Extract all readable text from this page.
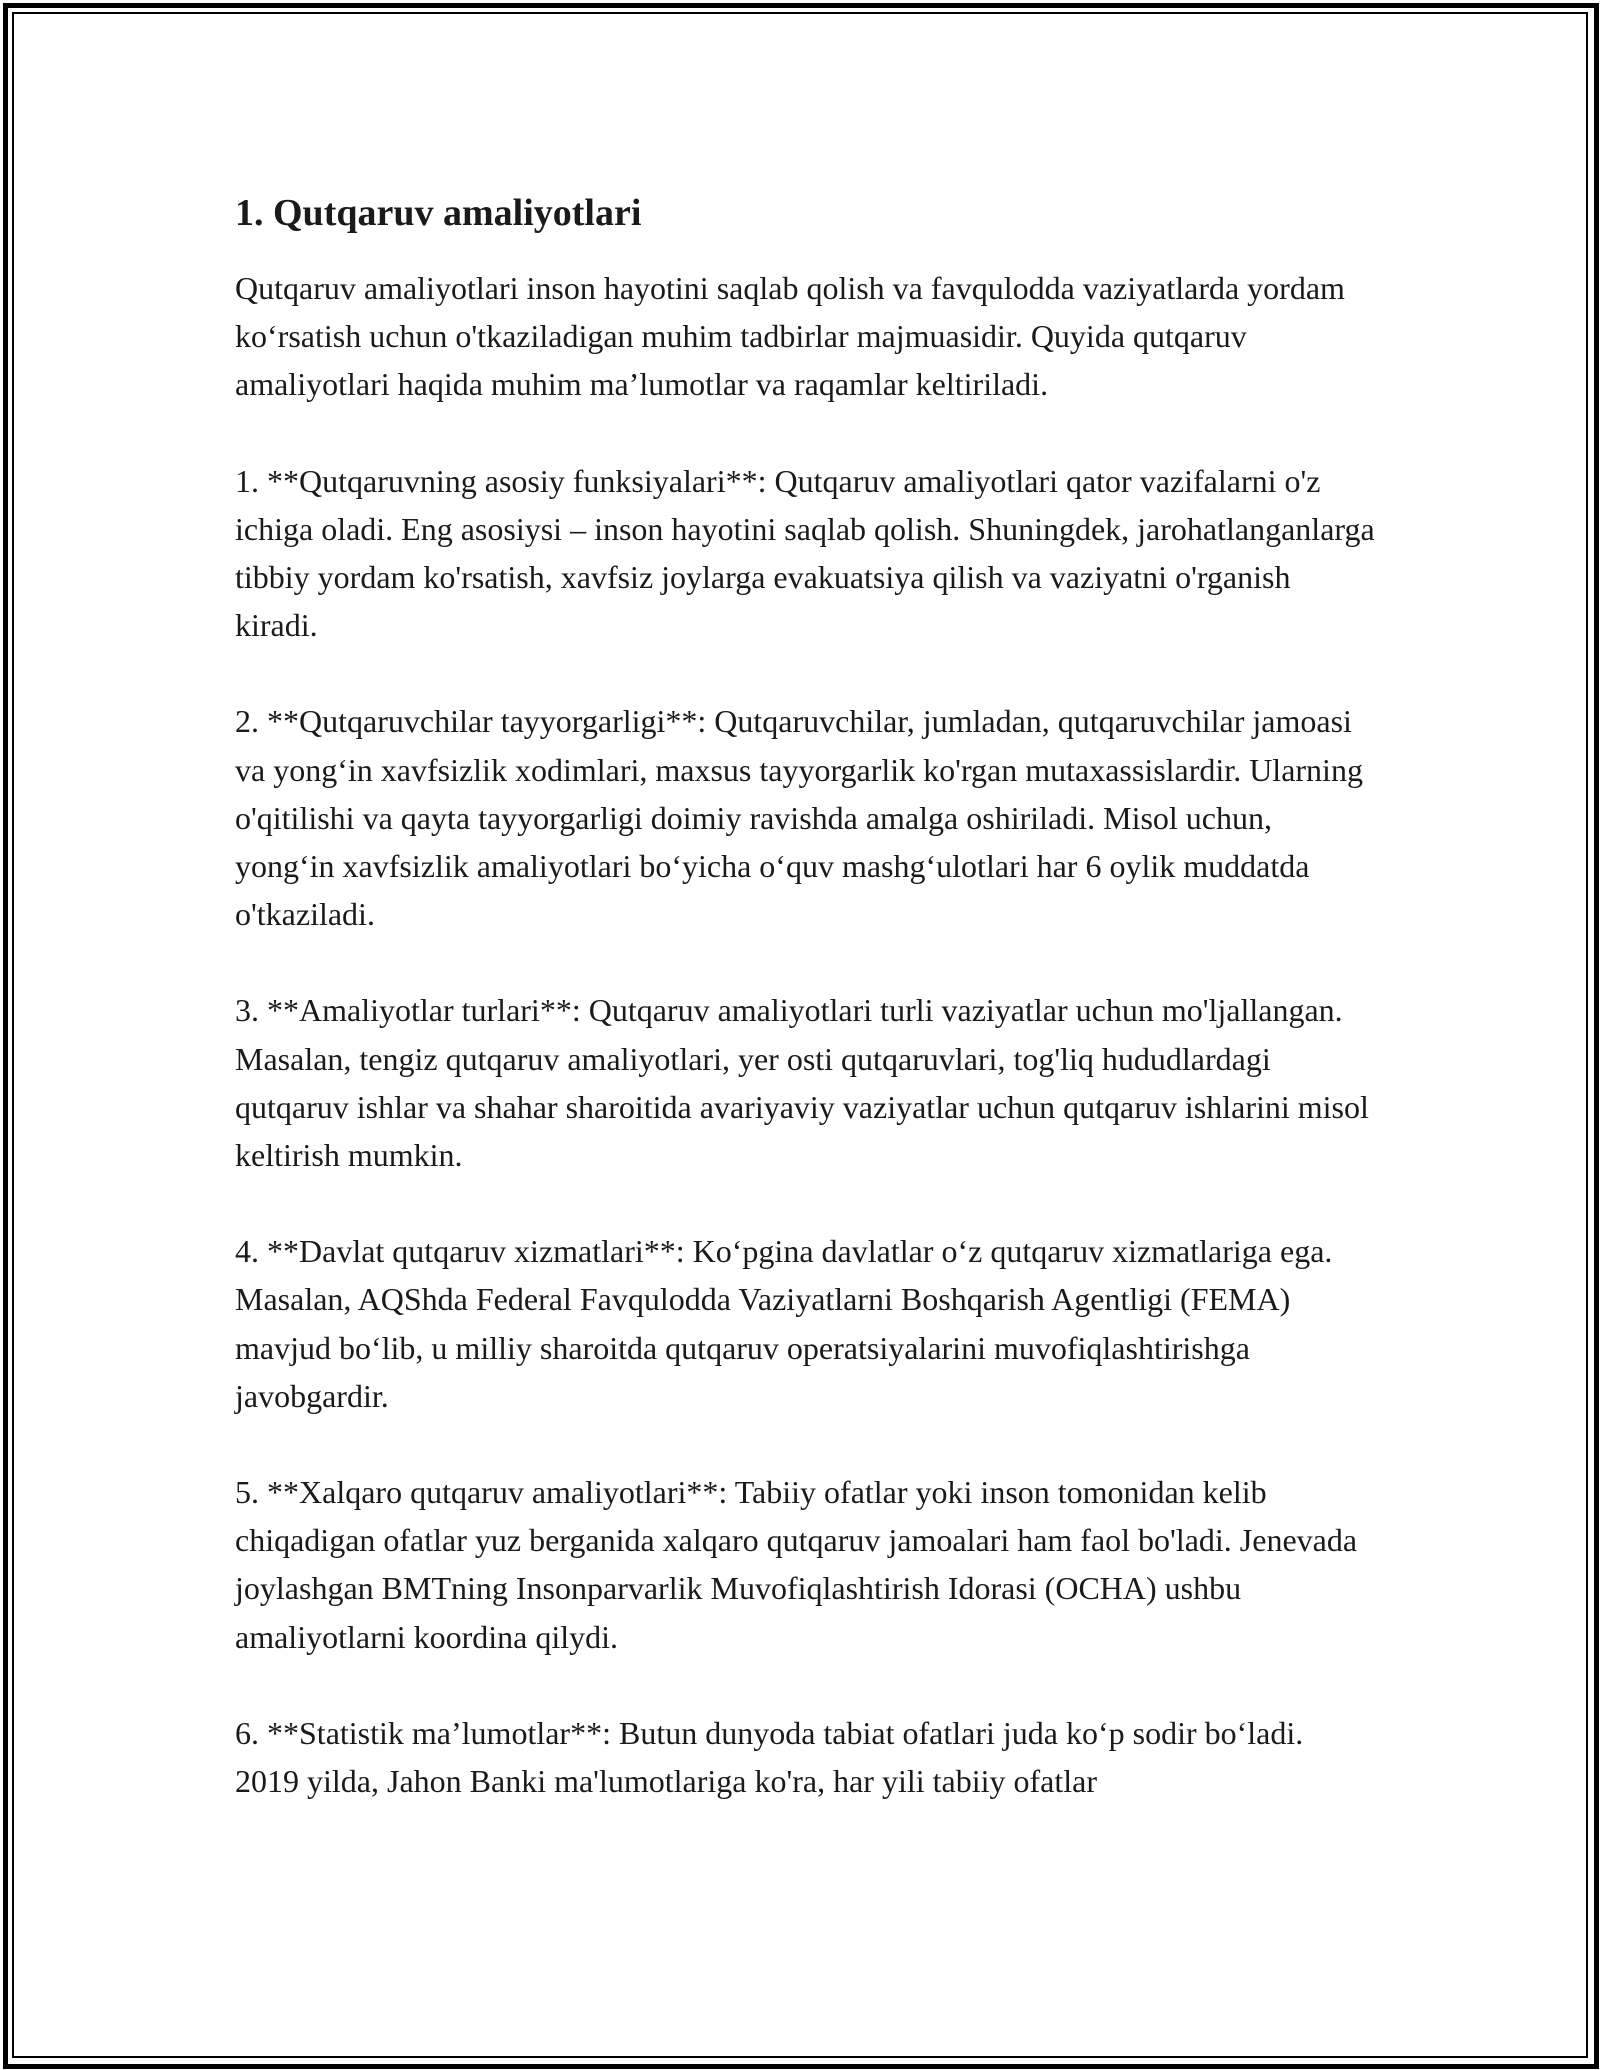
1. Qutqaruv amaliyotlari

Qutqaruv amaliyotlari inson hayotini saqlab qolish va favqulodda vaziyatlarda yordam ko‘rsatish uchun o'tkaziladigan muhim tadbirlar majmuasidir. Quyida qutqaruv amaliyotlari haqida muhim ma’lumotlar va raqamlar keltiriladi.

1. **Qutqaruvning asosiy funksiyalari**: Qutqaruv amaliyotlari qator vazifalarni o'z ichiga oladi. Eng asosiysi – inson hayotini saqlab qolish. Shuningdek, jarohatlanganlarga tibbiy yordam ko'rsatish, xavfsiz joylarga evakuatsiya qilish va vaziyatni o'rganish kiradi.

2. **Qutqaruvchilar tayyorgarligi**: Qutqaruvchilar, jumladan, qutqaruvchilar jamoasi va yong‘in xavfsizlik xodimlari, maxsus tayyorgarlik ko'rgan mutaxassislardir. Ularning o'qitilishi va qayta tayyorgarligi doimiy ravishda amalga oshiriladi. Misol uchun, yong‘in xavfsizlik amaliyotlari bo‘yicha o‘quv mashg‘ulotlari har 6 oylik muddatda o'tkaziladi.

3. **Amaliyotlar turlari**: Qutqaruv amaliyotlari turli vaziyatlar uchun mo'ljallangan. Masalan, tengiz qutqaruv amaliyotlari, yer osti qutqaruvlari, tog'liq hududlardagi qutqaruv ishlar va shahar sharoitida avariyaviy vaziyatlar uchun qutqaruv ishlarini misol keltirish mumkin.

4. **Davlat qutqaruv xizmatlari**: Ko‘pgina davlatlar o‘z qutqaruv xizmatlariga ega. Masalan, AQShda Federal Favqulodda Vaziyatlarni Boshqarish Agentligi (FEMA) mavjud bo‘lib, u milliy sharoitda qutqaruv operatsiyalarini muvofiqlashtirishga javobgardir.

5. **Xalqaro qutqaruv amaliyotlari**: Tabiiy ofatlar yoki inson tomonidan kelib chiqadigan ofatlar yuz berganida xalqaro qutqaruv jamoalari ham faol bo'ladi. Jenevada joylashgan BMTning Insonparvarlik Muvofiqlashtirish Idorasi (OCHA) ushbu amaliyotlarni koordina qilydi.

6. **Statistik ma’lumotlar**: Butun dunyoda tabiat ofatlari juda ko‘p sodir bo‘ladi. 2019 yilda, Jahon Banki ma'lumotlariga ko'ra, har yili tabiiy ofatlar
